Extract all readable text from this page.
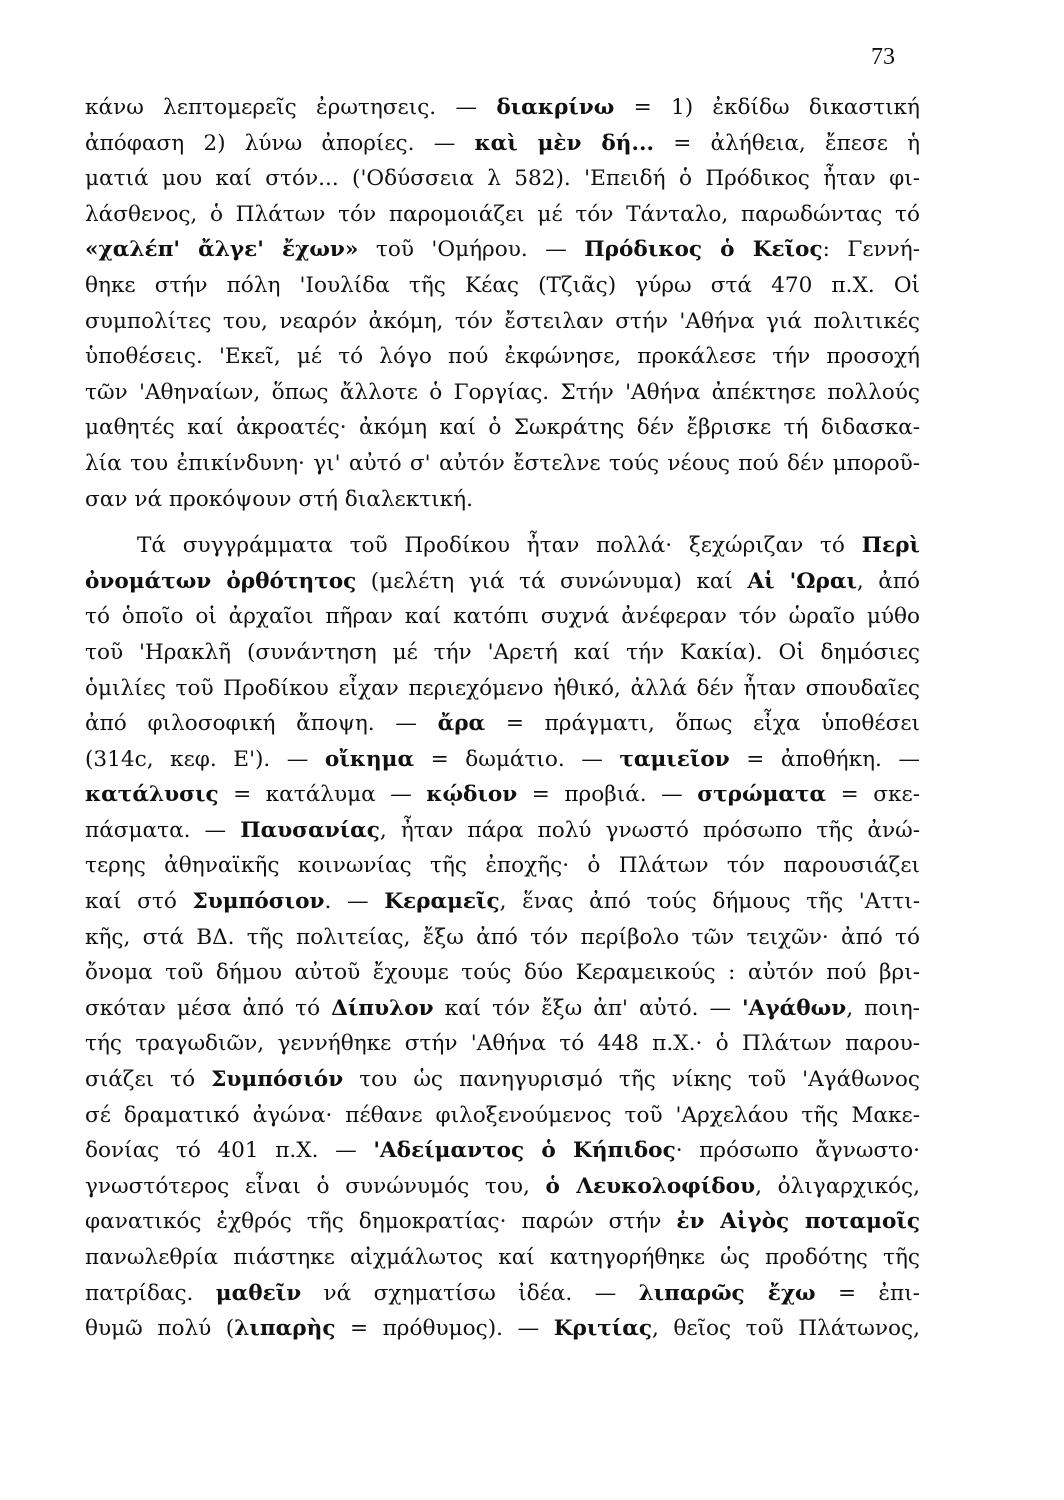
73
κάνω λεπτομερεῖς ἐρωτησεις. — διακρίνω = 1) ἐκδίδω δικαστική
ἀπόφαση 2) λύνω ἀπορίες. — καὶ μὲν δή... = ἀλήθεια, ἔπεσε ἡ
ματιά μου καί στόν... ('Οδύσσεια λ 582). 'Επειδή ὁ Πρόδικος ἦταν φι-
λάσθενος, ὁ Πλάτων τόν παρομοιάζει μέ τόν Τάνταλο, παρωδώντας τό
«χαλέπ' ἄλγε' ἔχων» τοῦ 'Ομήρου. — Πρόδικος ὁ Κεῖος: Γεννή-
θηκε στήν πόλη 'Ιουλίδα τῆς Κέας (Τζιᾶς) γύρω στά 470 π.Χ. Οἱ
συμπολίτες του, νεαρόν ἀκόμη, τόν ἔστειλαν στήν 'Αθήνα γιά πολιτικές
ὑποθέσεις. 'Εκεῖ, μέ τό λόγο πού ἐκφώνησε, προκάλεσε τήν προσοχή
τῶν 'Αθηναίων, ὅπως ἄλλοτε ὁ Γοργίας. Στήν 'Αθήνα ἀπέκτησε πολλούς
μαθητές καί ἀκροατές· ἀκόμη καί ὁ Σωκράτης δέν ἔβρισκε τή διδασκα-
λία του ἐπικίνδυνη· γι' αὐτό σ' αὐτόν ἔστελνε τούς νέους πού δέν μποροῦ-
σαν νά προκόψουν στή διαλεκτική.
Τά συγγράμματα τοῦ Προδίκου ἦταν πολλά· ξεχώριζαν τό Περὶ
ὀνομάτων ὀρθότητος (μελέτη γιά τά συνώνυμα) καί Αἱ 'Ωραι, ἀπό
τό ὁποῖο οἱ ἀρχαῖοι πῆραν καί κατόπι συχνά ἀνέφεραν τόν ὡραῖο μύθο
τοῦ 'Ηρακλῆ (συνάντηση μέ τήν 'Αρετή καί τήν Κακία). Οἱ δημόσιες
ὁμιλίες τοῦ Προδίκου εἶχαν περιεχόμενο ἠθικό, ἀλλά δέν ἦταν σπουδαῖες
ἀπό φιλοσοφική ἄποψη. — ἄρα = πράγματι, ὅπως εἶχα ὑποθέσει
(314c, κεφ. Ε'). — οἴκημα = δωμάτιο. — ταμιεῖον = ἀποθήκη. —
κατάλυσις = κατάλυμα — κῴδιον = προβιά. — στρώματα = σκε-
πάσματα. — Παυσανίας, ἦταν πάρα πολύ γνωστό πρόσωπο τῆς ἀνώ-
τερης ἀθηναϊκῆς κοινωνίας τῆς ἐποχῆς· ὁ Πλάτων τόν παρουσιάζει
καί στό Συμπόσιον. — Κεραμεῖς, ἕνας ἀπό τούς δήμους τῆς 'Αττι-
κῆς, στά ΒΔ. τῆς πολιτείας, ἔξω ἀπό τόν περίβολο τῶν τειχῶν· ἀπό τό
ὄνομα τοῦ δήμου αὐτοῦ ἔχουμε τούς δύο Κεραμεικούς : αὐτόν πού βρι-
σκόταν μέσα ἀπό τό Δίπυλον καί τόν ἔξω ἀπ' αὐτό. — 'Αγάθων, ποιη-
τής τραγωδιῶν, γεννήθηκε στήν 'Αθήνα τό 448 π.Χ.· ὁ Πλάτων παρου-
σιάζει τό Συμπόσιόν του ὡς πανηγυρισμό τῆς νίκης τοῦ 'Αγάθωνος
σέ δραματικό ἀγώνα· πέθανε φιλοξενούμενος τοῦ 'Αρχελάου τῆς Μακε-
δονίας τό 401 π.Χ. — 'Αδείμαντος ὁ Κήπιδος· πρόσωπο ἄγνωστο·
γνωστότερος εἶναι ὁ συνώνυμός του, ὁ Λευκολοφίδου, ὀλιγαρχικός,
φανατικός ἐχθρός τῆς δημοκρατίας· παρών στήν ἐν Αἰγὸς ποταμοῖς
πανωλεθρία πιάστηκε αἰχμάλωτος καί κατηγορήθηκε ὡς προδότης τῆς
πατρίδας. μαθεῖν νά σχηματίσω ἰδέα. — λιπαρῶς ἔχω = ἐπι-
θυμῶ πολύ (λιπαρὴς = πρόθυμος). — Κριτίας, θεῖος τοῦ Πλάτωνος,
